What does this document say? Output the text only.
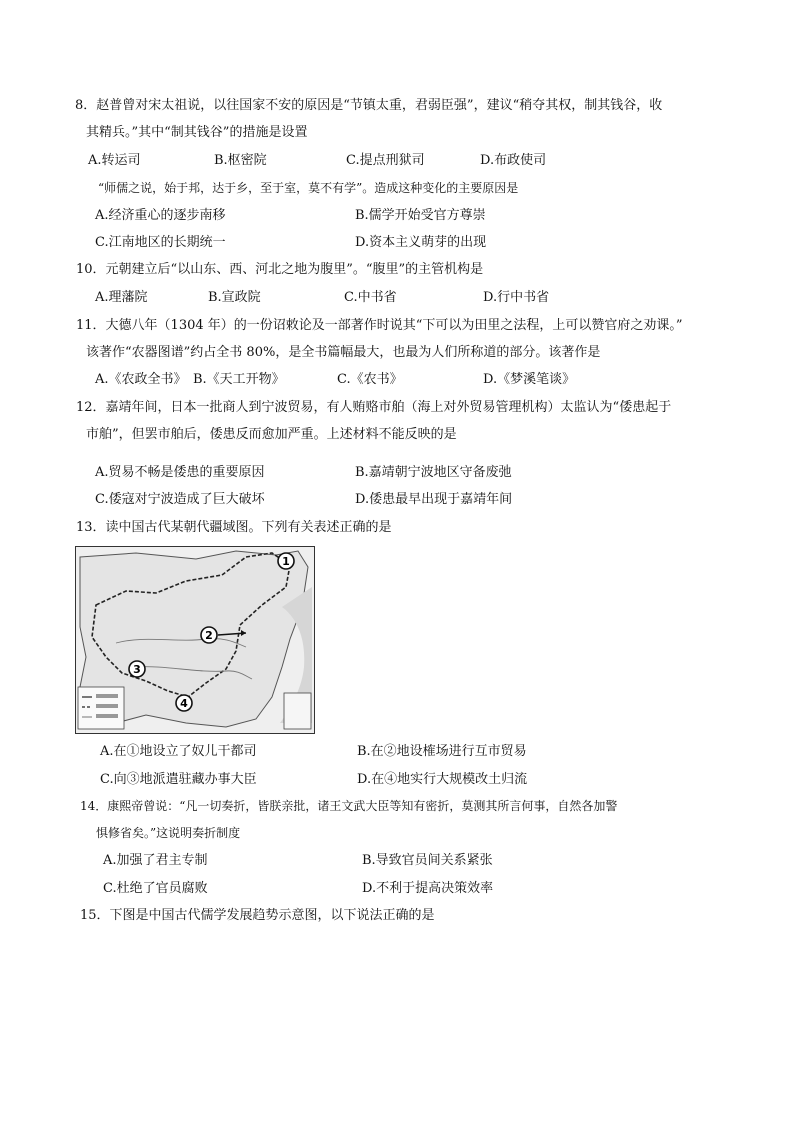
8．赵普曾对宋太祖说，以往国家不安的原因是“节镇太重，君弱臣强”，建议“稍夺其权，制其钱谷，收
其精兵。”其中“制其钱谷”的措施是设置
A.转运司	B.枢密院	C.提点刑狱司	D.布政使司
“师儒之说，始于邦，达于乡，至于室，莫不有学”。造成这种变化的主要原因是
A.经济重心的逐步南移	B.儒学开始受官方尊崇
C.江南地区的长期统一	D.资本主义萌芽的出现
10．元朝建立后“以山东、西、河北之地为腹里”。“腹里”的主管机构是
A.理藩院	B.宣政院	C.中书省	D.行中书省
11．大德八年（1304 年）的一份诏敕论及一部著作时说其“下可以为田里之法程，上可以赞官府之劝课。”
该著作“农器图谱”约占全书 80%，是全书篇幅最大，也最为人们所称道的部分。该著作是
A.《农政全书》 B.《天工开物》	C.《农书》	D.《梦溪笔谈》
12．嘉靖年间，日本一批商人到宁波贸易，有人贿赂市舶（海上对外贸易管理机构）太监认为“倭患起于
市舶”，但罢市舶后，倭患反而愈加严重。上述材料不能反映的是
A.贸易不畅是倭患的重要原因	B.嘉靖朝宁波地区守备废弛
C.倭寇对宁波造成了巨大破坏	D.倭患最早出现于嘉靖年间
13．读中国古代某朝代疆域图。下列有关表述正确的是
1
2
3
4
A.在①地设立了奴儿干都司	B.在②地设榷场进行互市贸易
C.向③地派遣驻藏办事大臣	D.在④地实行大规模改土归流
14．康熙帝曾说：“凡一切奏折，皆朕亲批，诸王文武大臣等知有密折，莫测其所言何事，自然各加警
惧修省矣。”这说明奏折制度
A.加强了君主专制	B.导致官员间关系紧张
C.杜绝了官员腐败	D.不利于提高决策效率
15．下图是中国古代儒学发展趋势示意图，以下说法正确的是
